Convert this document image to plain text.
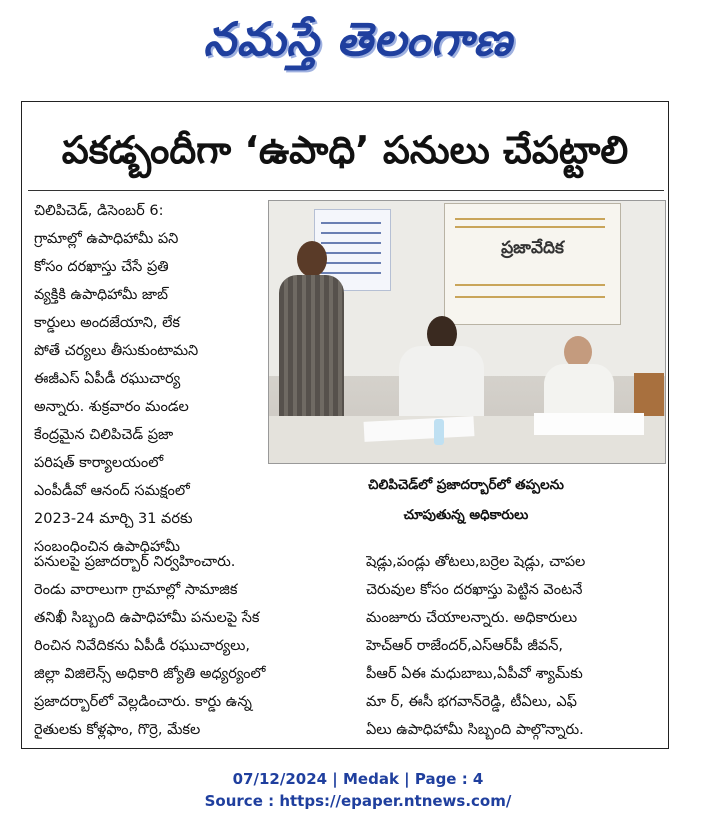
నమస్తే తెలంగాణ
పకడ్బందీగా ‘ఉపాధి’ పనులు చేపట్టాలి
చిలిపిచెడ్, డిసెంబర్ 6:
గ్రామాల్లో ఉపాధిహామీ పని
కోసం దరఖాస్తు చేసే ప్రతి
వ్యక్తికి ఉపాధిహామీ జాబ్
కార్డులు అందజేయాని, లేక
పోతే చర్యలు తీసుకుంటామని
ఈజీఎస్ ఏపీడీ రఘుచార్య
అన్నారు. శుక్రవారం మండల
కేంద్రమైన చిలిపిచెడ్ ప్రజా
పరిషత్ కార్యాలయంలో
ఎంపీడీవో ఆనంద్ సమక్షంలో
2023-24 మార్చి 31 వరకు
సంబంధించిన ఉపాధిహామీ
ప్రజావేదిక
చిలిపిచెడ్‌లో ప్రజాదర్బార్‌లో తప్పలను
చూపుతున్న అధికారులు
పనులపై ప్రజాదర్బార్ నిర్వహించారు.
రెండు వారాలుగా గ్రామాల్లో సామాజిక
తనిఖీ సిబ్బంది ఉపాధిహామీ పనులపై సేక
రించిన నివేదికను ఏపీడీ రఘుచార్యలు,
జిల్లా విజిలెన్స్ అధికారి జ్యోతి అధ్యర్యంలో
ప్రజాదర్బార్‌లో వెల్లడించారు. కార్డు ఉన్న
రైతులకు కోళ్లఫాం, గొర్రె, మేకల
షెడ్లు,పండ్లు తోటలు,బర్రెల షెడ్లు, చాపల
చెరువుల కోసం దరఖాస్తు పెట్టిన వెంటనే
మంజూరు చేయాలన్నారు. అధికారులు
హెచ్ఆర్ రాజేందర్,ఎస్ఆర్‌పీ జీవన్,
పీఆర్ ఏఈ మధుబాబు,ఏపీవో శ్యామ్‌కు
మా ర్, ఈసీ భగవాన్‌రెడ్డి, టీఏలు, ఎఫ్
ఏలు ఉపాధిహామీ సిబ్బంది పాల్గొన్నారు.
07/12/2024 | Medak | Page : 4
Source : https://epaper.ntnews.com/
